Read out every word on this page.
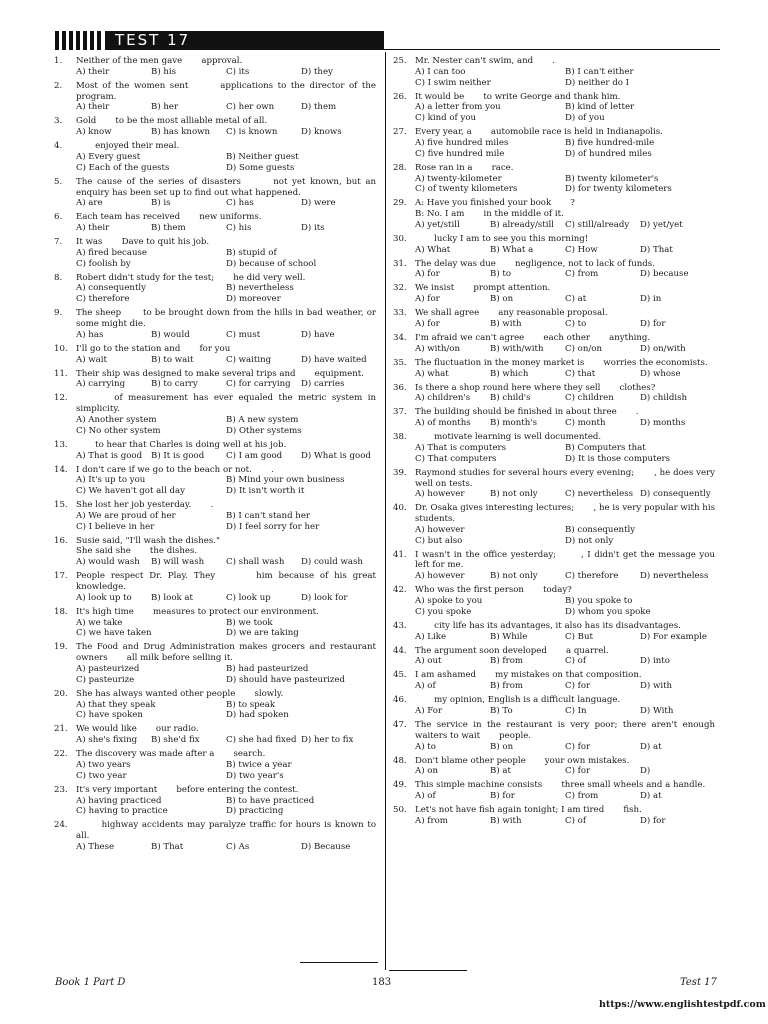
TEST 17
1. Neither of the men gave       approval.
A) their	B) his	C) its	D) they
2. Most of the women sent       applications to the director of the program.
A) their	B) her	C) her own	D) them
3. Gold       to be the most alliable metal of all.
A) know	B) has known	C) is known	D) knows
4. enjoyed their meal.
A) Every guest	B) Neither guest
C) Each of the guests	D) Some guests
5. The cause of the series of disasters       not yet known, but an enquiry has been set up to find out what happened.
A) are	B) is	C) has	D) were
6. Each team has received       new uniforms.
A) their	B) them	C) his	D) its
7. It was       Dave to quit his job.
A) fired because	B) stupid of
C) foolish by	D) because of school
8. Robert didn't study for the test;       he did very well.
A) consequently	B) nevertheless
C) therefore	D) moreover
9. The sheep       to be brought down from the hills in bad weather, or some might die.
A) has	B) would	C) must	D) have
10. I'll go to the station and       for you
A) wait	B) to wait	C) waiting	D) have waited
11. Their ship was designed to make several trips and       equipment.
A) carrying	B) to carry	C) for carrying	D) carries
12. of measurement has ever equaled the metric system in simplicity.
A) Another system	B) A new system
C) No other system	D) Other systems
13. to hear that Charles is doing well at his job.
A) That is good	B) It is good	C) I am good	D) What is good
14. I don't care if we go to the beach or not.       .
A) It's up to you	B) Mind your own business
C) We haven't got all day	D) It isn't worth it
15. She lost her job yesterday.       .
A) We are proud of her	B) I can't stand her
C) I believe in her	D) I feel sorry for her
16. Susie said, "I'll wash the dishes."
She said she       the dishes.
A) would wash	B) will wash	C) shall wash	D) could wash
17. People respect Dr. Play. They       him because of his great knowledge.
A) look up to	B) look at	C) look up	D) look for
18. It's high time       measures to protect our environment.
A) we take	B) we took
C) we have taken	D) we are taking
19. The Food and Drug Administration makes grocers and restaurant owners       all milk before selling it.
A) pasteurized	B) had pasteurized
C) pasteurize	D) should have pasteurized
20. She has always wanted other people       slowly.
A) that they speak	B) to speak
C) have spoken	D) had spoken
21. We would like       our radio.
A) she's fixing	B) she'd fix	C) she had fixed D) her to fix
22. The discovery was made after a       search.
A) two years	B) twice a year
C) two year	D) two year's
23. It's very important       before entering the contest.
A) having practiced	B) to have practiced
C) having to practice	D) practicing
24. highway accidents may paralyze traffic for hours is known to all.
A) These	B) That	C) As	D) Because
25. Mr. Nester can't swim, and       .
A) I can too	B) I can't either
C) I swim neither	D) neither do I
26. It would be       to write George and thank him.
A) a letter from you	B) kind of letter
C) kind of you	D) of you
27. Every year, a       automobile race is held in Indianapolis.
A) five hundred miles	B) five hundred-mile
C) five hundred mile	D) of hundred miles
28. Rose ran in a       race.
A) twenty-kilometer	B) twenty kilometer's
C) of twenty kilometers	D) for twenty kilometers
29. A: Have you finished your book       ?
B: No. I am       in the middle of it.
A) yet/still	B) already/still	C) still/already	D) yet/yet
30. lucky I am to see you this morning!
A) What	B) What a	C) How	D) That
31. The delay was due       negligence, not to lack of funds.
A) for	B) to	C) from	D) because
32. We insist       prompt attention.
A) for	B) on	C) at	D) in
33. We shall agree       any reasonable proposal.
A) for	B) with	C) to	D) for
34. I'm afraid we can't agree       each other       anything.
A) with/on	B) with/with	C) on/on	D) on/with
35. The fluctuation in the money market is       worries the economists.
A) what	B) which	C) that	D) whose
36. Is there a shop round here where they sell       clothes?
A) children's	B) child's	C) children	D) childish
37. The building should be finished in about three       .
A) of months	B) month's	C) month	D) months
38. motivate learning is well documented.
A) That is computers	B) Computers that
C) That computers	D) It is those computers
39. Raymond studies for several hours every evening;       , he does very well on tests.
A) however	B) not only	C) nevertheless D) consequently
40. Dr. Osaka gives interesting lectures;       , he is very popular with his students.
A) however	B) consequently
C) but also	D) not only
41. I wasn't in the office yesterday;       , I didn't get the message you left for me.
A) however	B) not only	C) therefore	D) nevertheless
42. Who was the first person       today?
A) spoke to you	B) you spoke to
C) you spoke	D) whom you spoke
43. city life has its advantages, it also has its disadvantages.
A) Like	B) While	C) But	D) For example
44. The argument soon developed       a quarrel.
A) out	B) from	C) of	D) into
45. I am ashamed       my mistakes on that composition.
A) of	B) from	C) for	D) with
46. my opinion, English is a difficult language.
A) For	B) To	C) In	D) With
47. The service in the restaurant is very poor; there aren't enough waiters to wait       people.
A) to	B) on	C) for	D) at
48. Don't blame other people       your own mistakes.
A) on	B) at	C) for	D)
49. This simple machine consists       three small wheels and a handle.
A) of	B) for	C) from	D) at
50. Let's not have fish again tonight; I am tired       fish.
A) from	B) with	C) of	D) for
Book 1 Part D	183	Test 17
https://www.englishtestpdf.com
